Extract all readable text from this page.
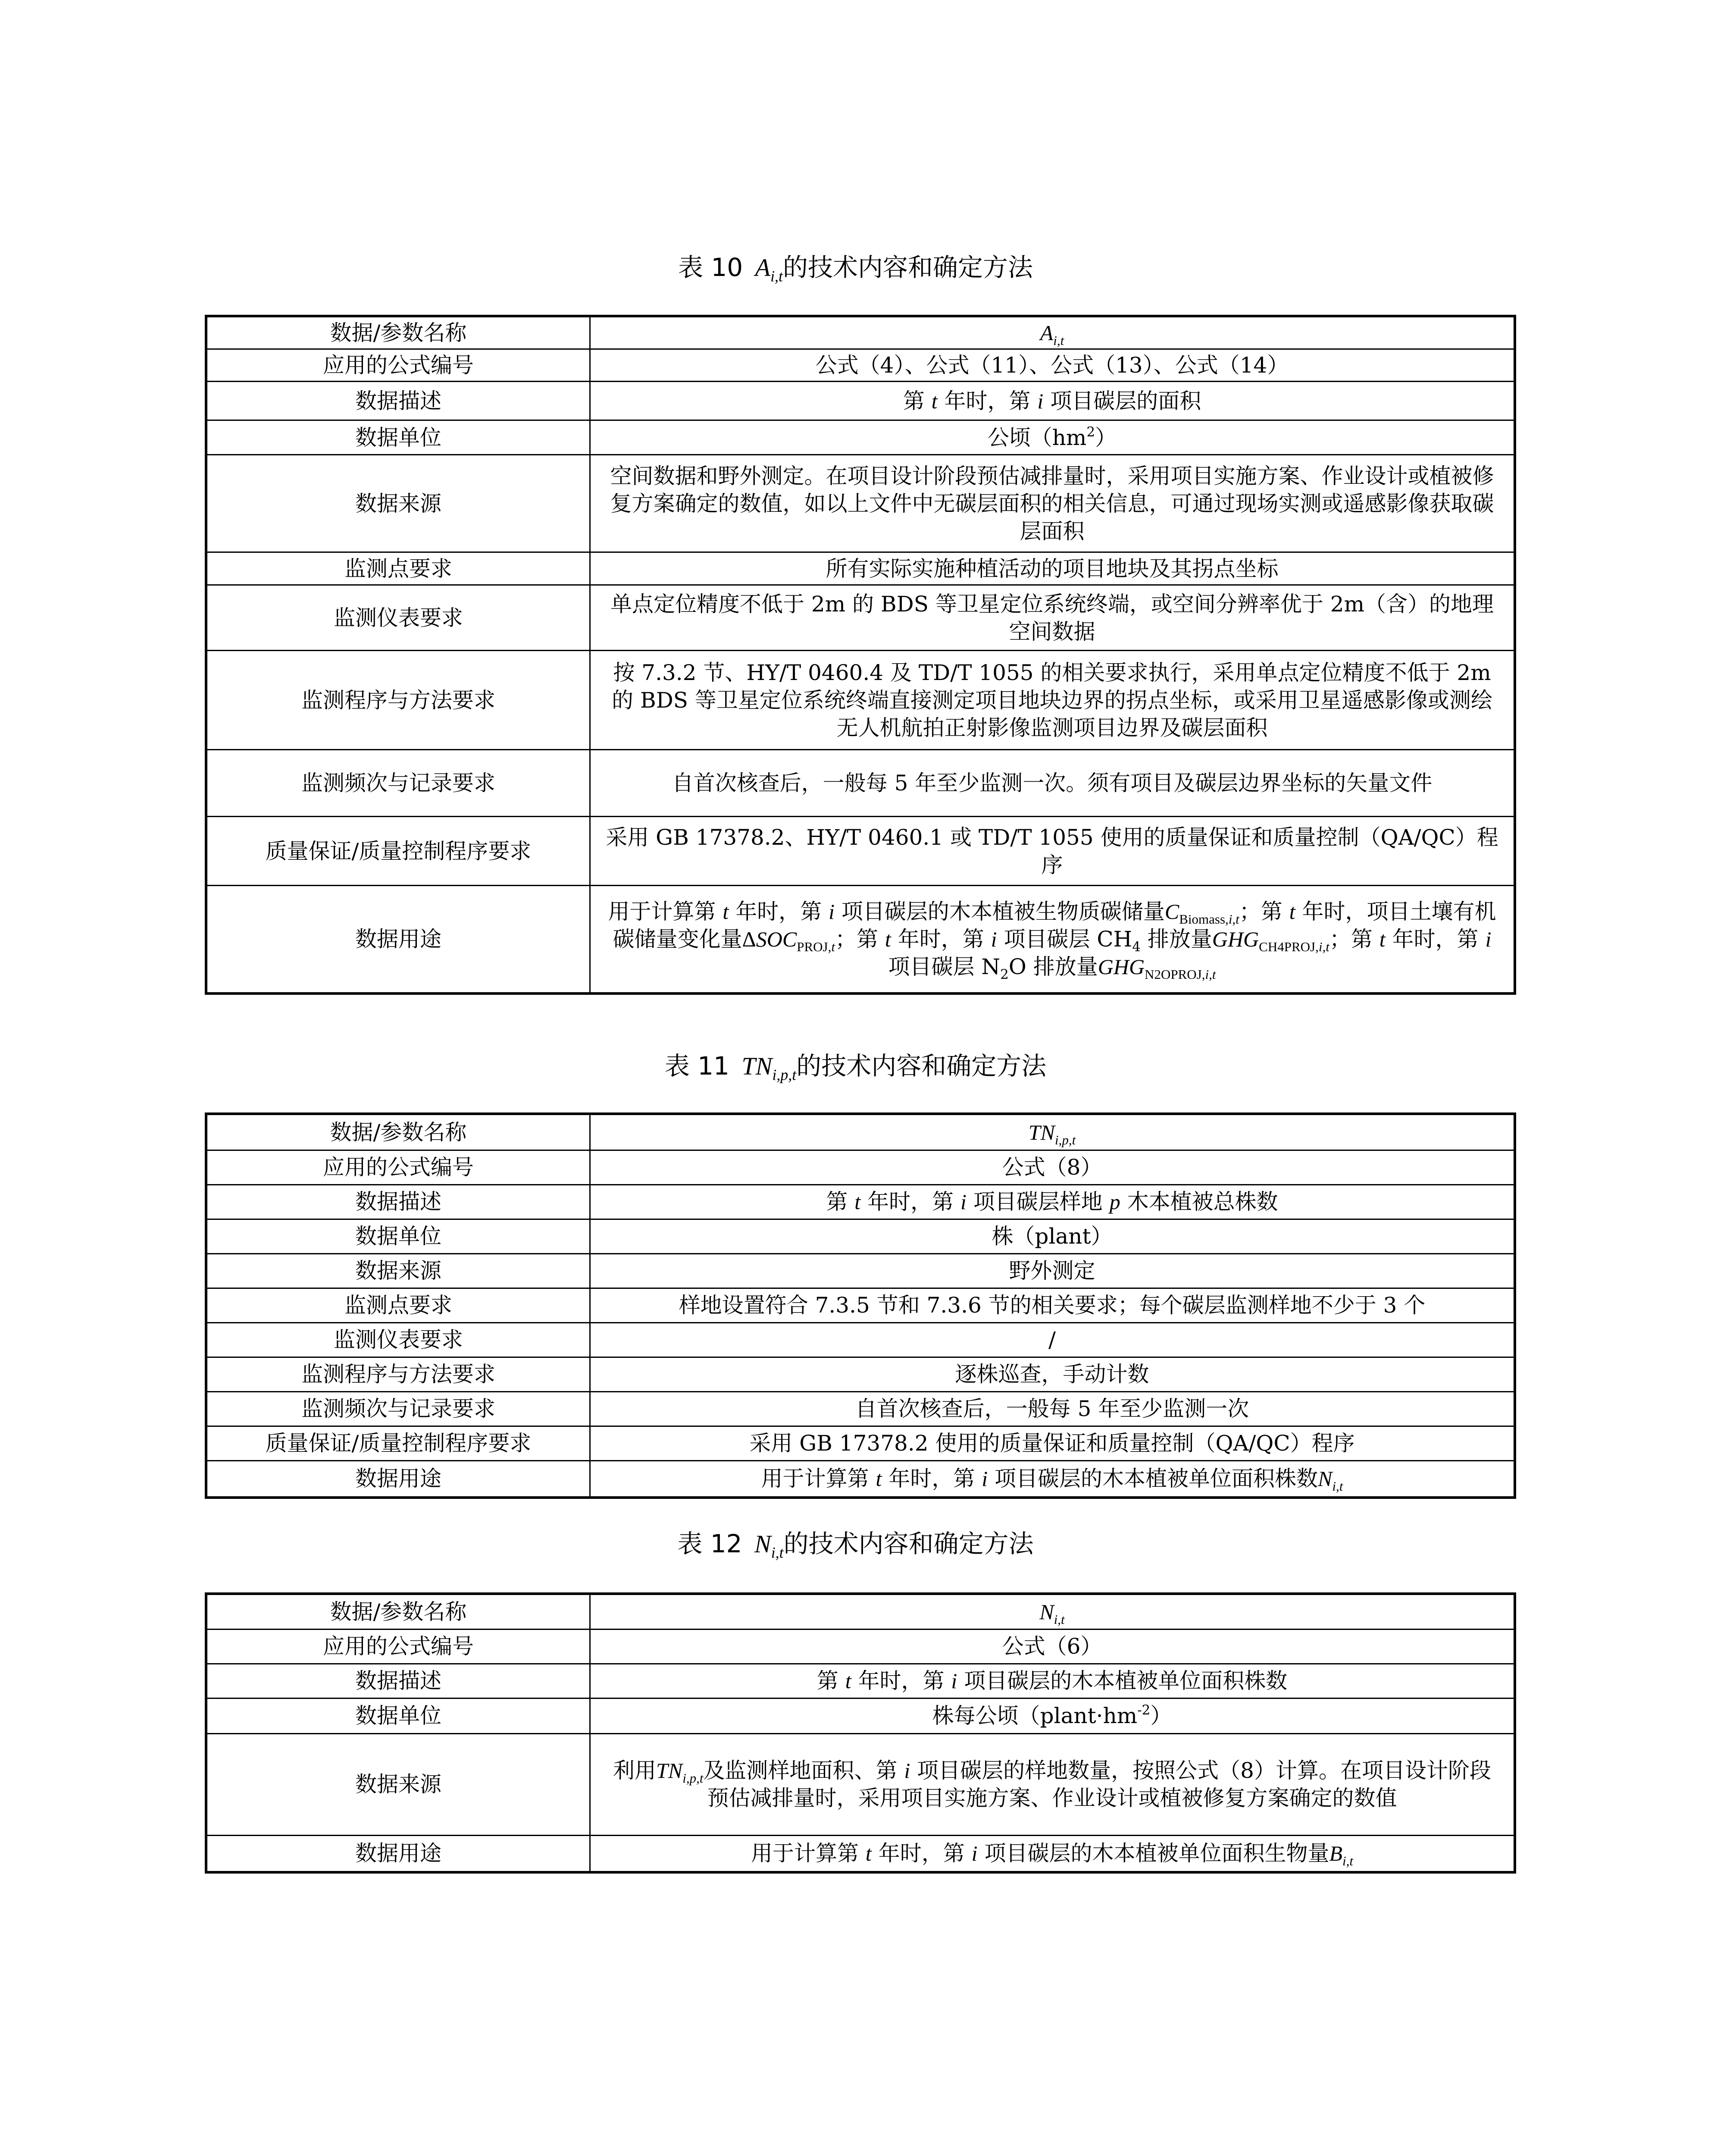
表 10 $A_{i,t}$的技术内容和确定方法
数据/参数名称	$A_{i,t}$
应用的公式编号	公式（4）、公式（11）、公式（13）、公式（14）
数据描述	第 t 年时，第 i 项目碳层的面积
数据单位	公顷$(hm^2)$
数据来源	空间数据和野外测定。在项目设计阶段预估减排量时，采用项目实施方案、作业设计或植被修复方案确定的数值，如以上文件中无碳层面积的相关信息，可通过现场实测或遥感影像获取碳层面积
监测点要求	所有实际实施种植活动的项目地块及其拐点坐标
监测仪表要求	单点定位精度不低于 2m 的 BDS 等卫星定位系统终端，或空间分辨率优于 2m（含）的地理空间数据
监测程序与方法要求	按 7.3.2 节、HY/T 0460.4 及 TD/T 1055 的相关要求执行，采用单点定位精度不低于 2m 的 BDS 等卫星定位系统终端直接测定项目地块边界的拐点坐标，或采用卫星遥感影像或测绘无人机航拍正射影像监测项目边界及碳层面积
监测频次与记录要求	自首次核查后，一般每 5 年至少监测一次。须有项目及碳层边界坐标的矢量文件
质量保证/质量控制程序要求	采用 GB 17378.2、HY/T 0460.1 或 TD/T 1055 使用的质量保证和质量控制（QA/QC）程序
数据用途	用于计算第 t 年时，第 i 项目碳层的木本植被生物质碳储量$C_{Biomass,i,t}$；第 t 年时，项目土壤有机碳储量变化量$\Delta SOC_{PROJ,t}$；第 t 年时，第 i 项目碳层 $CH_4$ 排放量$GHG_{CH4PROJ,i,t}$；第 t 年时，第 i 项目碳层 $N_2O$ 排放量$GHG_{N2OPROJ,i,t}$
表 11 $TN_{i,p,t}$的技术内容和确定方法
数据/参数名称	$TN_{i,p,t}$
应用的公式编号	公式（8）
数据描述	第 t 年时，第 i 项目碳层样地 p 木本植被总株数
数据单位	株（plant）
数据来源	野外测定
监测点要求	样地设置符合 7.3.5 节和 7.3.6 节的相关要求；每个碳层监测样地不少于 3 个
监测仪表要求	/
监测程序与方法要求	逐株巡查，手动计数
监测频次与记录要求	自首次核查后，一般每 5 年至少监测一次
质量保证/质量控制程序要求	采用 GB 17378.2 使用的质量保证和质量控制（QA/QC）程序
数据用途	用于计算第 t 年时，第 i 项目碳层的木本植被单位面积株数$N_{i,t}$
表 12 $N_{i,t}$的技术内容和确定方法
数据/参数名称	$N_{i,t}$
应用的公式编号	公式（6）
数据描述	第 t 年时，第 i 项目碳层的木本植被单位面积株数
数据单位	株每公顷$(plant\cdot hm^{-2})$
数据来源	利用$TN_{i,p,t}$及监测样地面积、第 i 项目碳层的样地数量，按照公式（8）计算。在项目设计阶段预估减排量时，采用项目实施方案、作业设计或植被修复方案确定的数值
数据用途	用于计算第 t 年时，第 i 项目碳层的木本植被单位面积生物量$B_{i,t}$
